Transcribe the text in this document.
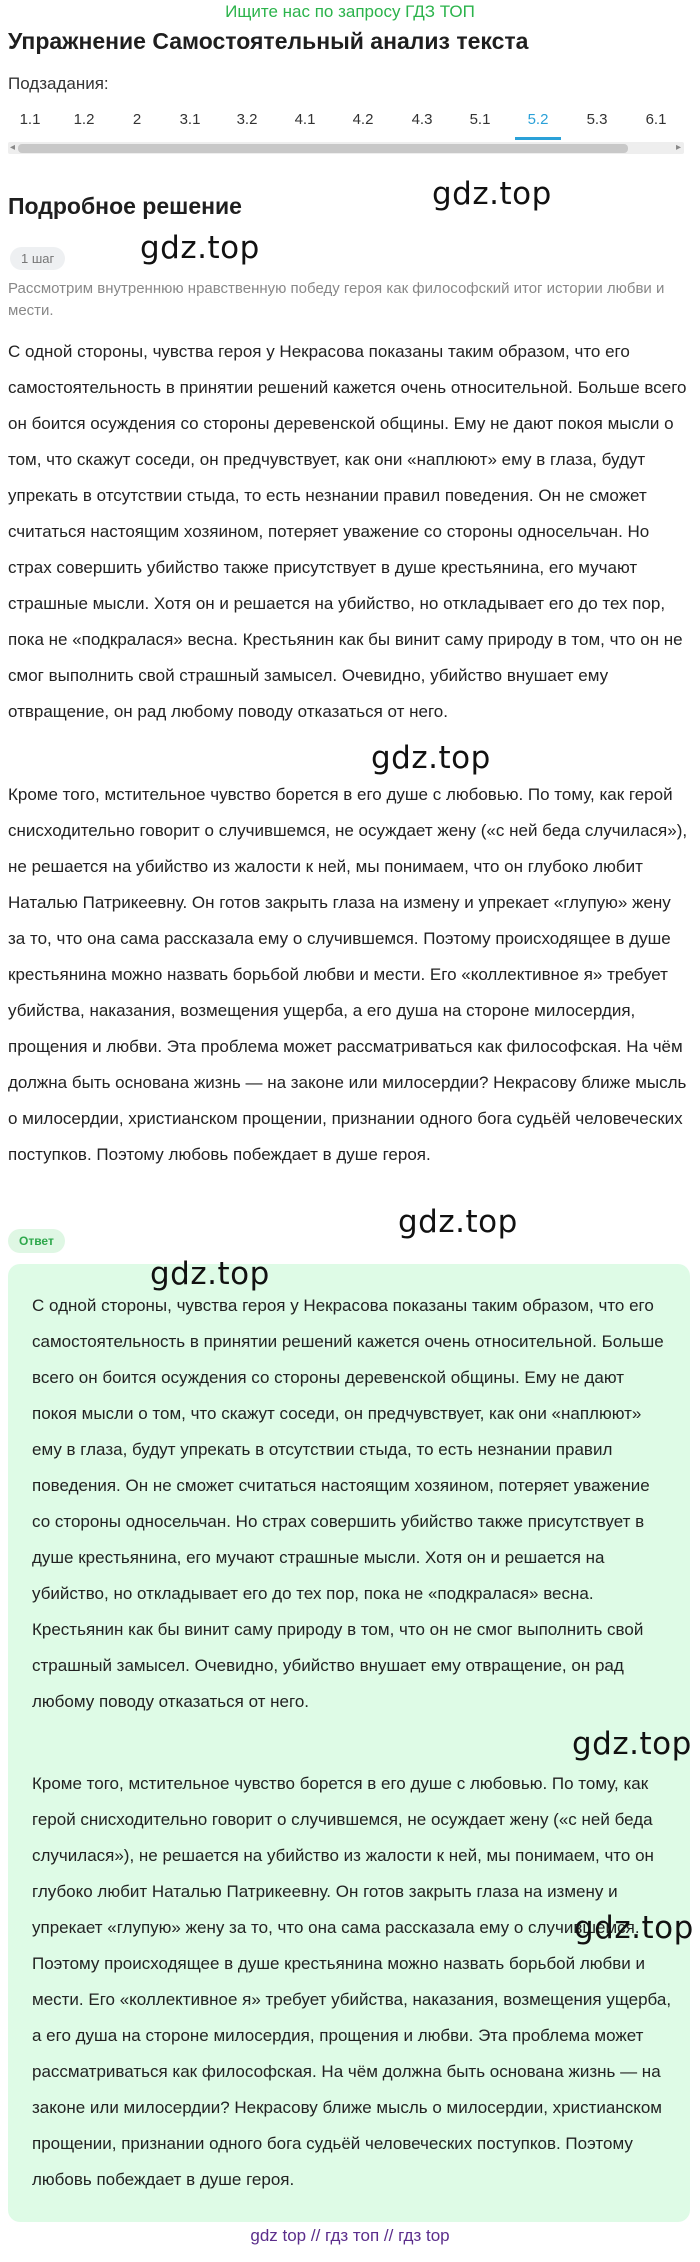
Ищите нас по запросу ГДЗ ТОП
Упражнение Самостоятельный анализ текста
Подзадания:
1.1	1.2	2	3.1	3.2	4.1	4.2	4.3	5.1	5.2	5.3	6.1
◂	▸
Подробное решение	gdz.top
gdz.top
1 шаг

Рассмотрим внутреннюю нравственную победу героя как философский итог истории любви и мести.

С одной стороны, чувства героя у Некрасова показаны таким образом, что его самостоятельность в принятии решений кажется очень относительной. Больше всего он боится осуждения со стороны деревенской общины. Ему не дают покоя мысли о том, что скажут соседи, он предчувствует, как они «наплюют» ему в глаза, будут упрекать в отсутствии стыда, то есть незнании правил поведения. Он не сможет считаться настоящим хозяином, потеряет уважение со стороны односельчан. Но страх совершить убийство также присутствует в душе крестьянина, его мучают страшные мысли. Хотя он и решается на убийство, но откладывает его до тех пор, пока не «подкралася» весна. Крестьянин как бы винит саму природу в том, что он не смог выполнить свой страшный замысел. Очевидно, убийство внушает ему отвращение, он рад любому поводу отказаться от него.

gdz.top

Кроме того, мстительное чувство борется в его душе с любовью. По тому, как герой снисходительно говорит о случившемся, не осуждает жену («с ней беда случилася»), не решается на убийство из жалости к ней, мы понимаем, что он глубоко любит Наталью Патрикеевну. Он готов закрыть глаза на измену и упрекает «глупую» жену за то, что она сама рассказала ему о случившемся. Поэтому происходящее в душе крестьянина можно назвать борьбой любви и мести. Его «коллективное я» требует убийства, наказания, возмещения ущерба, а его душа на стороне милосердия, прощения и любви. Эта проблема может рассматриваться как философская. На чём должна быть основана жизнь — на законе или милосердии? Некрасову ближе мысль о милосердии, христианском прощении, признании одного бога судьёй человеческих поступков. Поэтому любовь побеждает в душе героя.

gdz.top
Ответ
gdz.top

С одной стороны, чувства героя у Некрасова показаны таким образом, что его самостоятельность в принятии решений кажется очень относительной. Больше всего он боится осуждения со стороны деревенской общины. Ему не дают покоя мысли о том, что скажут соседи, он предчувствует, как они «наплюют» ему в глаза, будут упрекать в отсутствии стыда, то есть незнании правил поведения. Он не сможет считаться настоящим хозяином, потеряет уважение со стороны односельчан. Но страх совершить убийство также присутствует в душе крестьянина, его мучают страшные мысли. Хотя он и решается на убийство, но откладывает его до тех пор, пока не «подкралася» весна. Крестьянин как бы винит саму природу в том, что он не смог выполнить свой страшный замысел. Очевидно, убийство внушает ему отвращение, он рад любому поводу отказаться от него.

gdz.top

Кроме того, мстительное чувство борется в его душе с любовью. По тому, как герой снисходительно говорит о случившемся, не осуждает жену («с ней беда случилася»), не решается на убийство из жалости к ней, мы понимаем, что он глубоко любит Наталью Патрикеевну. Он готов закрыть глаза на измену и упрекает «глупую» жену за то, что она сама рассказала ему о случившемся. Поэтому происходящее в душе крестьянина можно назвать борьбой любви и мести. Его «коллективное я» требует убийства, наказания, возмещения ущерба, а его душа на стороне милосердия, прощения и любви. Эта проблема может рассматриваться как философская. На чём должна быть основана жизнь — на законе или милосердии? Некрасову ближе мысль о милосердии, христианском прощении, признании одного бога судьёй человеческих поступков. Поэтому любовь побеждает в душе героя.

gdz.top
gdz top // гдз топ // гдз top
